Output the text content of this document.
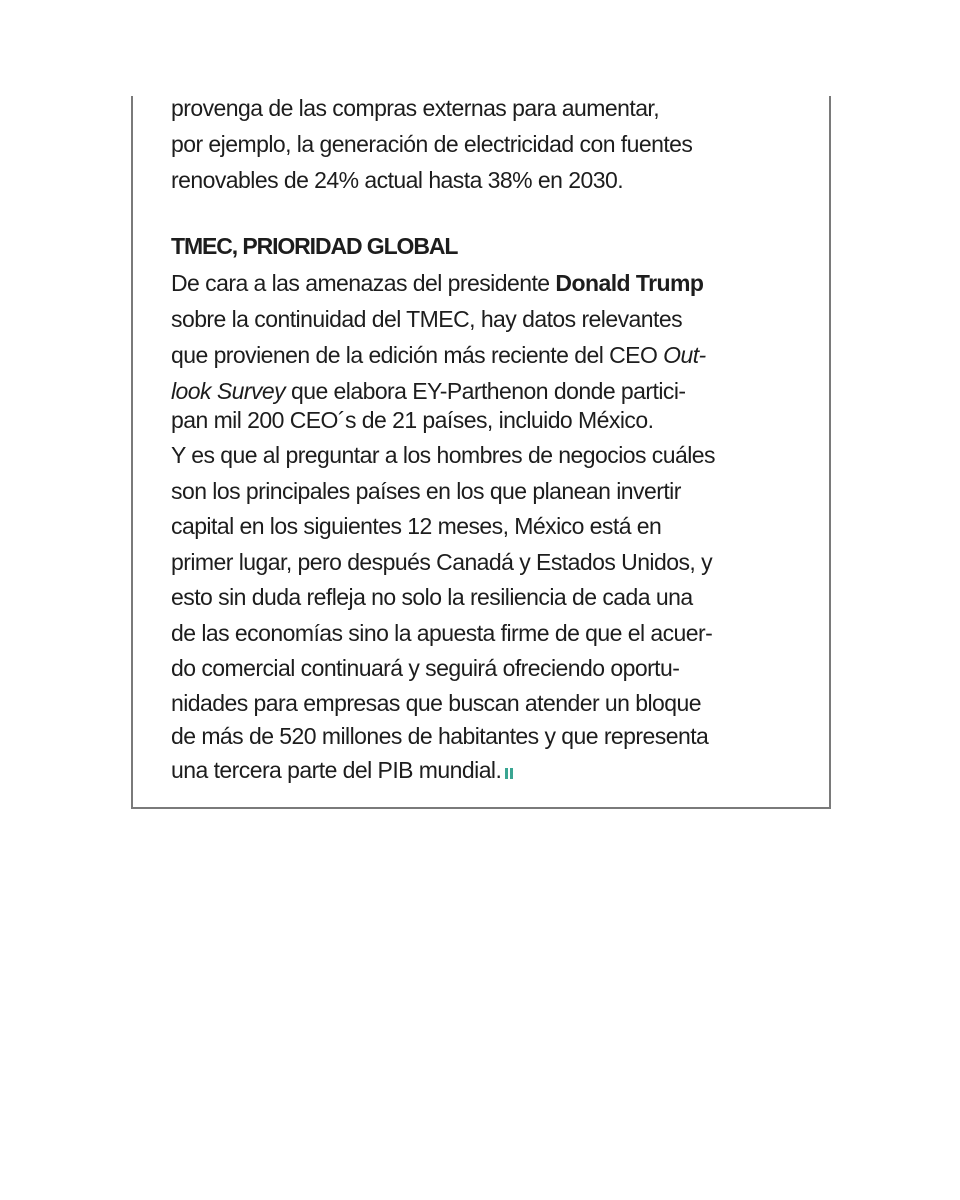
provenga de las compras externas para aumentar,

por ejemplo, la generación de electricidad con fuentes

renovables de 24% actual hasta 38% en 2030.

TMEC, PRIORIDAD GLOBAL

De cara a las amenazas del presidente Donald Trump

sobre la continuidad del TMEC, hay datos relevantes

que provienen de la edición más reciente del CEO Out-

look Survey que elabora EY-Parthenon donde partici-

pan mil 200 CEO´s de 21 países, incluido México.

Y es que al preguntar a los hombres de negocios cuáles

son los principales países en los que planean invertir

capital en los siguientes 12 meses, México está en

primer lugar, pero después Canadá y Estados Unidos, y

esto sin duda refleja no solo la resiliencia de cada una

de las economías sino la apuesta firme de que el acuer-

do comercial continuará y seguirá ofreciendo oportu-

nidades para empresas que buscan atender un bloque

de más de 520 millones de habitantes y que representa

una tercera parte del PIB mundial.
